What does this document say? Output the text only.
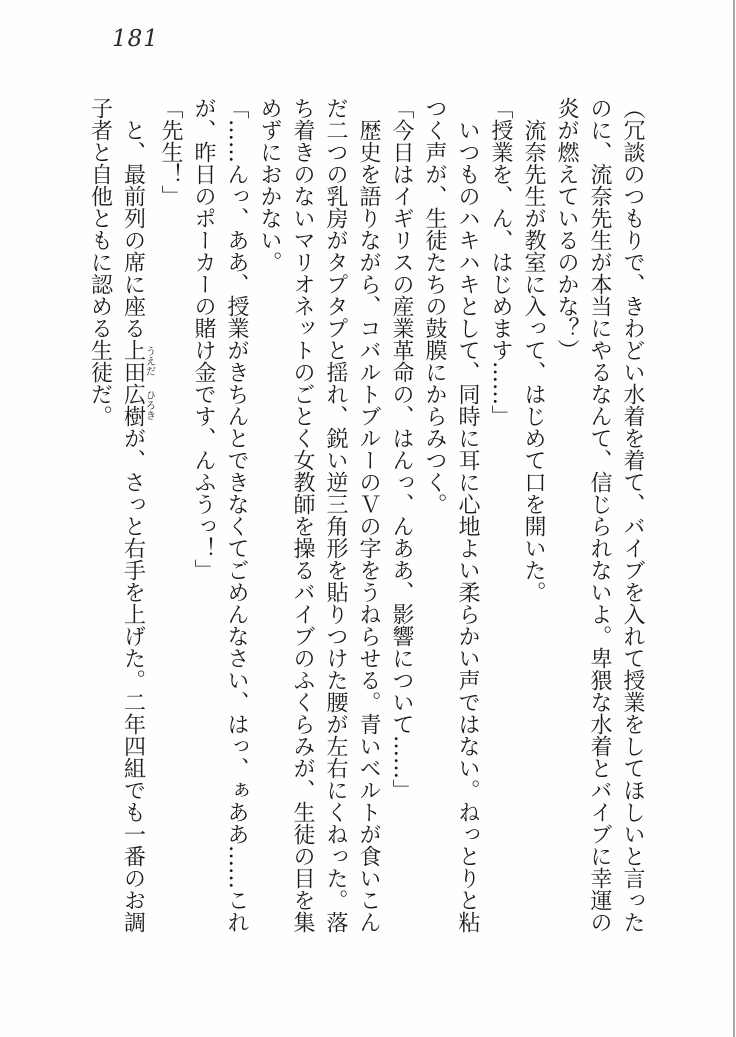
181

（冗談のつもりで、きわどい水着を着て、バイブを入れて授業をしてほしいと言った

のに、流奈先生が本当にやるなんて、信じられないよ。卑猥な水着とバイブに幸運の

炎が燃えているのかな？）

流奈先生が教室に入って、はじめて口を開いた。

「授業を、ん、はじめます……」

いつものハキハキとして、同時に耳に心地よい柔らかい声ではない。ねっとりと粘

つく声が、生徒たちの鼓膜にからみつく。

「今日はイギリスの産業革命の、はんっ、んああ、影響について……」

歴史を語りながら、コバルトブルーのＶの字をうねらせる。青いベルトが食いこん

だ二つの乳房がタプタプと揺れ、鋭い逆三角形を貼りつけた腰が左右にくねった。落

ち着きのないマリオネットのごとく女教師を操るバイブのふくらみが、生徒の目を集

めずにおかない。

「……んっ、ああ、授業がきちんとできなくてごめんなさい、はっ、ぁああ……これ

が、昨日のポーカーの賭け金です、んふうっ！」

「先生！」

と、最前列の席に座る上田うえだ広樹ひろきが、さっと右手を上げた。二年四組でも一番のお調

子者と自他ともに認める生徒だ。
